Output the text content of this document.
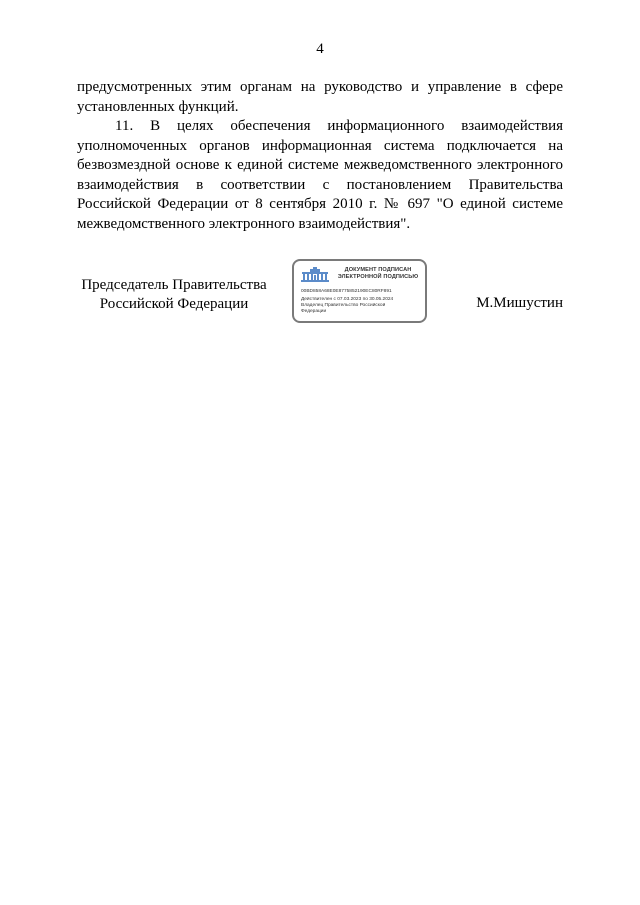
4

предусмотренных этим органам на руководство и управление в сфере установленных функций.

11. В целях обеспечения информационного взаимодействия уполномоченных органов информационная система подключается на безвозмездной основе к единой системе межведомственного электронного взаимодействия в соответствии с постановлением Правительства Российской Федерации от 8 сентября 2010 г. № 697 "О единой системе межведомственного электронного взаимодействия".

Председатель Правительства
Российской Федерации
ДОКУМЕНТ ПОДПИСАН
ЭЛЕКТРОННОЙ ПОДПИСЬЮ
00BD858A68E0E8775852190EC80RF891
Действителен с 07.03.2023 по 30.05.2024
Владелец Правительство Российской
Федерации
М.Мишустин
